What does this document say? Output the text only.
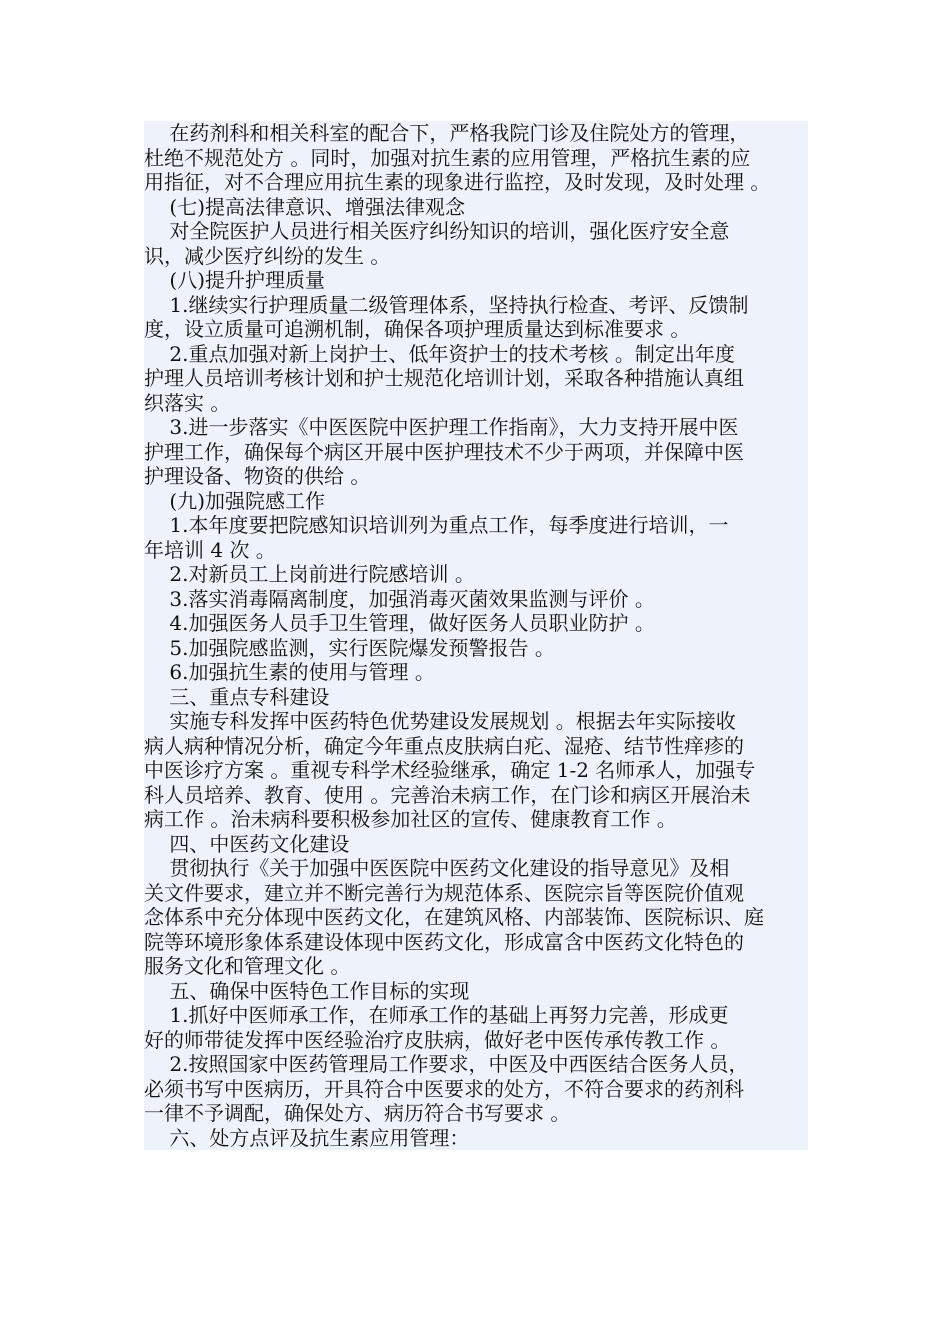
在药剂科和相关科室的配合下，严格我院门诊及住院处方的管理，
杜绝不规范处方 。同时，加强对抗生素的应用管理，严格抗生素的应
用指征，对不合理应用抗生素的现象进行监控，及时发现，及时处理 。
(七)提高法律意识、增强法律观念
对全院医护人员进行相关医疗纠纷知识的培训，强化医疗安全意
识，减少医疗纠纷的发生 。
(八)提升护理质量
1.继续实行护理质量二级管理体系，坚持执行检查、考评、反馈制
度，设立质量可追溯机制，确保各项护理质量达到标准要求 。
2.重点加强对新上岗护士、低年资护士的技术考核 。制定出年度
护理人员培训考核计划和护士规范化培训计划，采取各种措施认真组
织落实 。
3.进一步落实《中医医院中医护理工作指南》，大力支持开展中医
护理工作，确保每个病区开展中医护理技术不少于两项，并保障中医
护理设备、物资的供给 。
(九)加强院感工作
1.本年度要把院感知识培训列为重点工作，每季度进行培训，一
年培训 4 次 。
2.对新员工上岗前进行院感培训 。
3.落实消毒隔离制度，加强消毒灭菌效果监测与评价 。
4.加强医务人员手卫生管理，做好医务人员职业防护 。
5.加强院感监测，实行医院爆发预警报告 。
6.加强抗生素的使用与管理 。
三、重点专科建设
实施专科发挥中医药特色优势建设发展规划 。根据去年实际接收
病人病种情况分析，确定今年重点皮肤病白疕、湿疮、结节性痒疹的
中医诊疗方案 。重视专科学术经验继承，确定 1-2 名师承人，加强专
科人员培养、教育、使用 。完善治未病工作，在门诊和病区开展治未
病工作 。治未病科要积极参加社区的宣传、健康教育工作 。
四、中医药文化建设
贯彻执行《关于加强中医医院中医药文化建设的指导意见》及相
关文件要求，建立并不断完善行为规范体系、医院宗旨等医院价值观
念体系中充分体现中医药文化，在建筑风格、内部装饰、医院标识、庭
院等环境形象体系建设体现中医药文化，形成富含中医药文化特色的
服务文化和管理文化 。
五、确保中医特色工作目标的实现
1.抓好中医师承工作，在师承工作的基础上再努力完善，形成更
好的师带徒发挥中医经验治疗皮肤病，做好老中医传承传教工作 。
2.按照国家中医药管理局工作要求，中医及中西医结合医务人员，
必须书写中医病历，开具符合中医要求的处方，不符合要求的药剂科
一律不予调配，确保处方、病历符合书写要求 。
六、处方点评及抗生素应用管理：
